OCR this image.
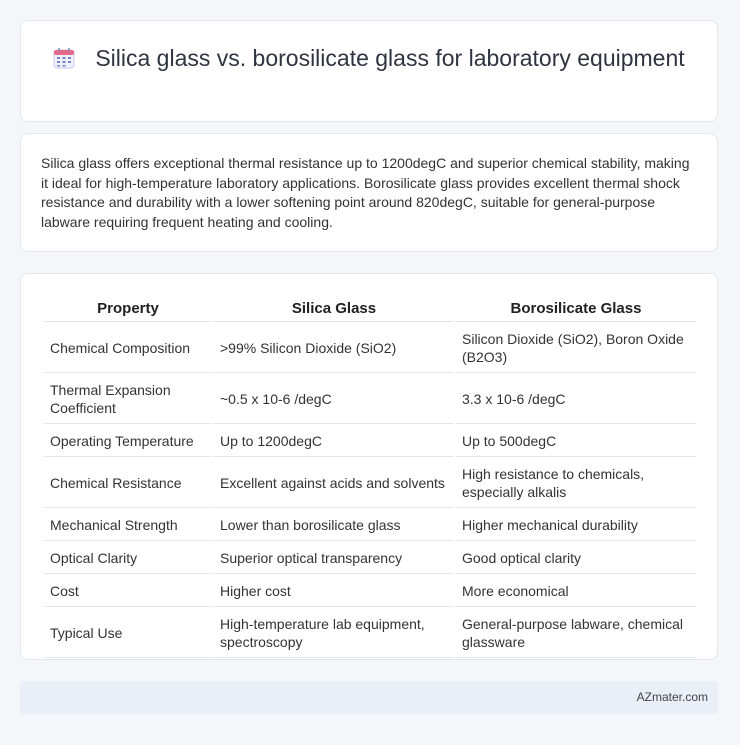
Silica glass vs. borosilicate glass for laboratory equipment
Silica glass offers exceptional thermal resistance up to 1200degC and superior chemical stability, making it ideal for high-temperature laboratory applications. Borosilicate glass provides excellent thermal shock resistance and durability with a lower softening point around 820degC, suitable for general-purpose labware requiring frequent heating and cooling.
Property	Silica Glass	Borosilicate Glass
Chemical Composition	>99% Silicon Dioxide (SiO2)	Silicon Dioxide (SiO2), Boron Oxide (B2O3)
Thermal Expansion Coefficient	~0.5 x 10-6 /degC	3.3 x 10-6 /degC
Operating Temperature	Up to 1200degC	Up to 500degC
Chemical Resistance	Excellent against acids and solvents	High resistance to chemicals, especially alkalis
Mechanical Strength	Lower than borosilicate glass	Higher mechanical durability
Optical Clarity	Superior optical transparency	Good optical clarity
Cost	Higher cost	More economical
Typical Use	High-temperature lab equipment, spectroscopy	General-purpose labware, chemical glassware
AZmater.com
